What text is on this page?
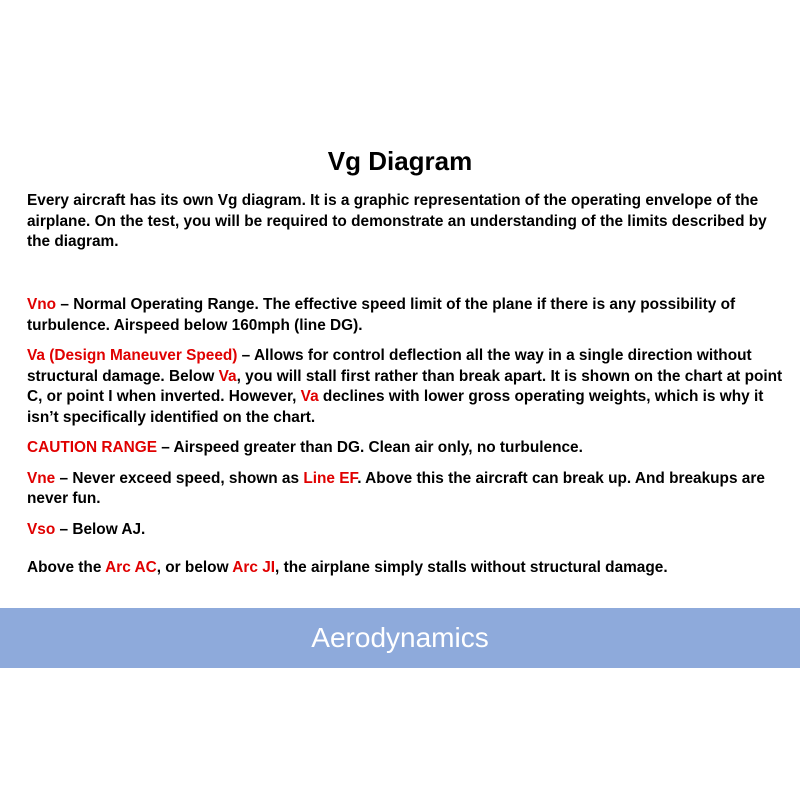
Vg Diagram
Every aircraft has its own Vg diagram. It is a graphic representation of the operating envelope of the airplane. On the test, you will be required to demonstrate an understanding of the limits described by the diagram.

Vno – Normal Operating Range. The effective speed limit of the plane if there is any possibility of turbulence. Airspeed below 160mph (line DG).

Va (Design Maneuver Speed) – Allows for control deflection all the way in a single direction without structural damage. Below Va, you will stall first rather than break apart. It is shown on the chart at point C, or point I when inverted. However, Va declines with lower gross operating weights, which is why it isn’t specifically identified on the chart.

CAUTION RANGE – Airspeed greater than DG. Clean air only, no turbulence.

Vne – Never exceed speed, shown as Line EF. Above this the aircraft can break up. And breakups are never fun.

Vso – Below AJ.

Above the Arc AC, or below Arc JI, the airplane simply stalls without structural damage.

Aerodynamics
